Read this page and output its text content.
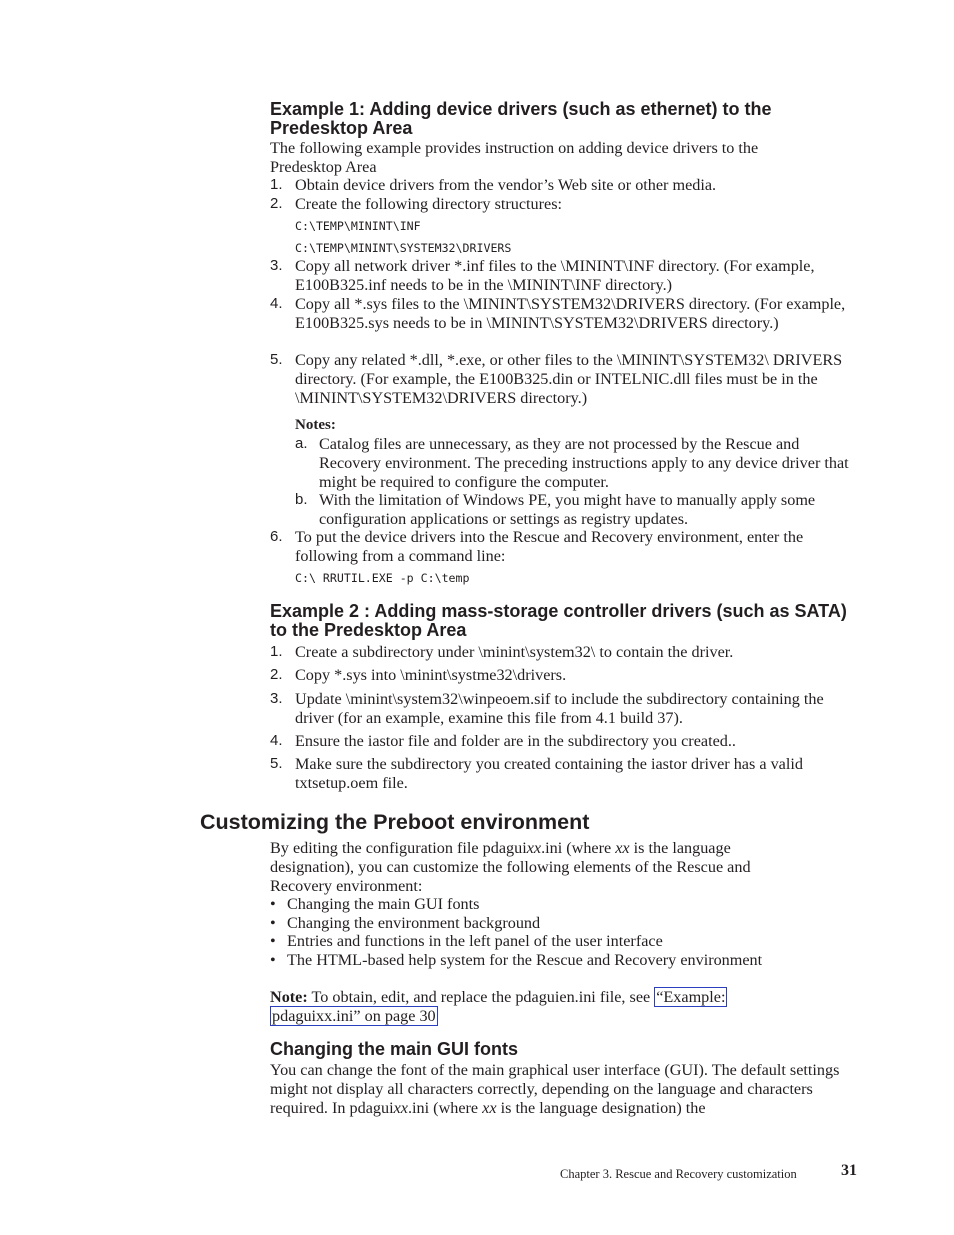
Example 1: Adding device drivers (such as ethernet) to the Predesktop Area
The following example provides instruction on adding device drivers to the Predesktop Area
1. Obtain device drivers from the vendor’s Web site or other media.
2. Create the following directory structures:
C:\TEMP\MININT\INF
C:\TEMP\MININT\SYSTEM32\DRIVERS
3. Copy all network driver *.inf files to the \MININT\INF directory. (For example, E100B325.inf needs to be in the \MININT\INF directory.)
4. Copy all *.sys files to the \MININT\SYSTEM32\DRIVERS directory. (For example, E100B325.sys needs to be in \MININT\SYSTEM32\DRIVERS directory.)
5. Copy any related *.dll, *.exe, or other files to the \MININT\SYSTEM32\ DRIVERS directory. (For example, the E100B325.din or INTELNIC.dll files must be in the \MININT\SYSTEM32\DRIVERS directory.)
Notes:
a. Catalog files are unnecessary, as they are not processed by the Rescue and Recovery environment. The preceding instructions apply to any device driver that might be required to configure the computer.
b. With the limitation of Windows PE, you might have to manually apply some configuration applications or settings as registry updates.
6. To put the device drivers into the Rescue and Recovery environment, enter the following from a command line:
C:\ RRUTIL.EXE -p C:\temp
Example 2 : Adding mass-storage controller drivers (such as SATA) to the Predesktop Area
1. Create a subdirectory under \minint\system32\ to contain the driver.
2. Copy *.sys into \minint\systme32\drivers.
3. Update \minint\system32\winpeoem.sif to include the subdirectory containing the driver (for an example, examine this file from 4.1 build 37).
4. Ensure the iastor file and folder are in the subdirectory you created..
5. Make sure the subdirectory you created containing the iastor driver has a valid txtsetup.oem file.
Customizing the Preboot environment
By editing the configuration file pdaguixx.ini (where xx is the language designation), you can customize the following elements of the Rescue and Recovery environment:
• Changing the main GUI fonts
• Changing the environment background
• Entries and functions in the left panel of the user interface
• The HTML-based help system for the Rescue and Recovery environment
Note: To obtain, edit, and replace the pdaguien.ini file, see “Example:
pdaguixx.ini” on page 30
Changing the main GUI fonts
You can change the font of the main graphical user interface (GUI). The default settings might not display all characters correctly, depending on the language and characters required. In pdaguixx.ini (where xx is the language designation) the
Chapter 3. Rescue and Recovery customization	31
